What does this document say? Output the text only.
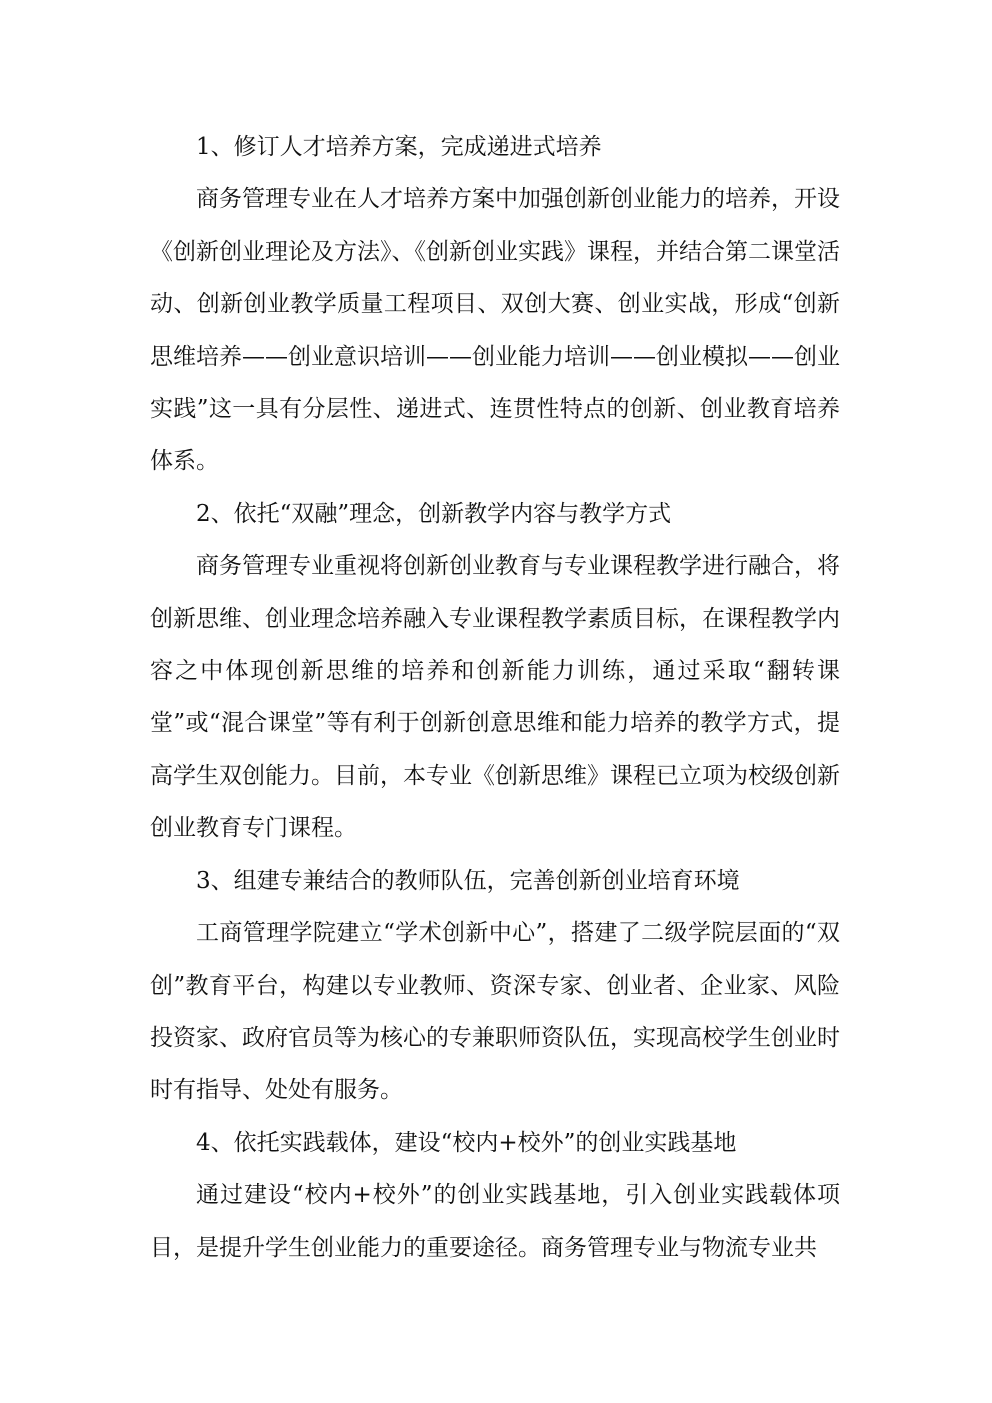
1、修订人才培养方案，完成递进式培养

商务管理专业在人才培养方案中加强创新创业能力的培养，开设《创新创业理论及方法》、《创新创业实践》课程，并结合第二课堂活动、创新创业教学质量工程项目、双创大赛、创业实战，形成“创新思维培养——创业意识培训——创业能力培训——创业模拟——创业实践”这一具有分层性、递进式、连贯性特点的创新、创业教育培养体系。

2、依托“双融”理念，创新教学内容与教学方式

商务管理专业重视将创新创业教育与专业课程教学进行融合，将创新思维、创业理念培养融入专业课程教学素质目标，在课程教学内容之中体现创新思维的培养和创新能力训练，通过采取“翻转课堂”或“混合课堂”等有利于创新创意思维和能力培养的教学方式，提高学生双创能力。目前，本专业《创新思维》课程已立项为校级创新创业教育专门课程。

3、组建专兼结合的教师队伍，完善创新创业培育环境

工商管理学院建立“学术创新中心”，搭建了二级学院层面的“双创”教育平台，构建以专业教师、资深专家、创业者、企业家、风险投资家、政府官员等为核心的专兼职师资队伍，实现高校学生创业时时有指导、处处有服务。

4、依托实践载体，建设“校内+校外”的创业实践基地

通过建设“校内+校外”的创业实践基地，引入创业实践载体项目，是提升学生创业能力的重要途径。商务管理专业与物流专业共
